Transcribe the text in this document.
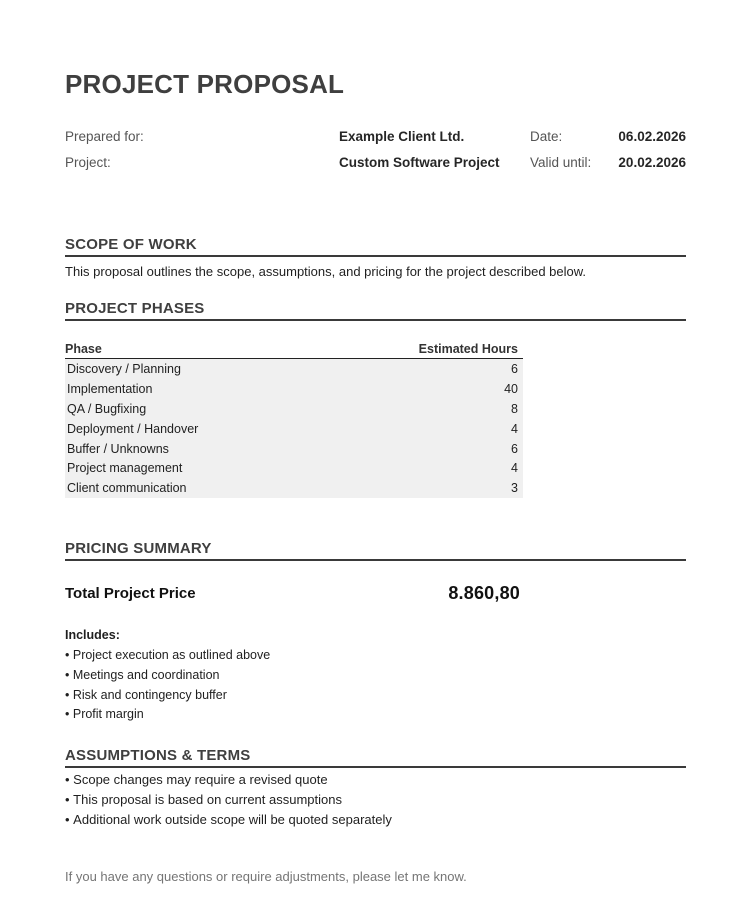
PROJECT PROPOSAL
Prepared for:	Example Client Ltd.	Date:	06.02.2026
Project:	Custom Software Project	Valid until:	20.02.2026
SCOPE OF WORK

This proposal outlines the scope, assumptions, and pricing for the project described below.

PROJECT PHASES
Phase	Estimated Hours
Discovery / Planning	6
Implementation	40
QA / Bugfixing	8
Deployment / Handover	4
Buffer / Unknowns	6
Project management	4
Client communication	3
PRICING SUMMARY
Total Project Price	8.860,80
Includes:
• Project execution as outlined above
• Meetings and coordination
• Risk and contingency buffer
• Profit margin
ASSUMPTIONS & TERMS
• Scope changes may require a revised quote
• This proposal is based on current assumptions
• Additional work outside scope will be quoted separately
If you have any questions or require adjustments, please let me know.
